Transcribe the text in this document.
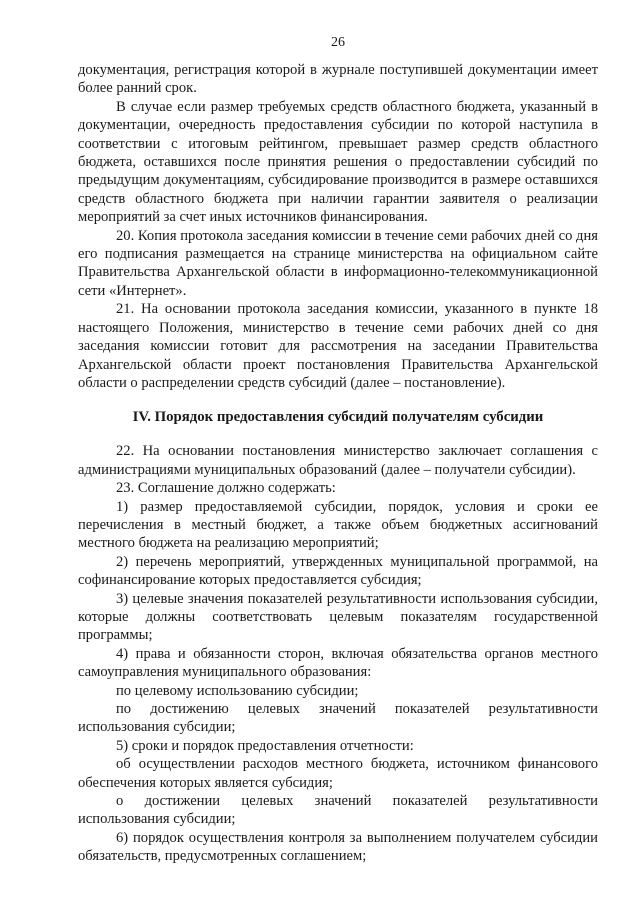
26

документация, регистрация которой в журнале поступившей документации имеет более ранний срок.

В случае если размер требуемых средств областного бюджета, указанный в документации, очередность предоставления субсидии по которой наступила в соответствии с итоговым рейтингом, превышает размер средств областного бюджета, оставшихся после принятия решения о предоставлении субсидий по предыдущим документациям, субсидирование производится в размере оставшихся средств областного бюджета при наличии гарантии заявителя о реализации мероприятий за счет иных источников финансирования.

20. Копия протокола заседания комиссии в течение семи рабочих дней со дня его подписания размещается на странице министерства на официальном сайте Правительства Архангельской области в информационно-телекоммуникационной сети «Интернет».

21. На основании протокола заседания комиссии, указанного в пункте 18 настоящего Положения, министерство в течение семи рабочих дней со дня заседания комиссии готовит для рассмотрения на заседании Правительства Архангельской области проект постановления Правительства Архангельской области о распределении средств субсидий (далее – постановление).

IV. Порядок предоставления субсидий получателям субсидии

22. На основании постановления министерство заключает соглашения с администрациями муниципальных образований (далее – получатели субсидии).

23. Соглашение должно содержать:

1) размер предоставляемой субсидии, порядок, условия и сроки ее перечисления в местный бюджет, а также объем бюджетных ассигнований местного бюджета на реализацию мероприятий;

2) перечень мероприятий, утвержденных муниципальной программой, на софинансирование которых предоставляется субсидия;

3) целевые значения показателей результативности использования субсидии, которые должны соответствовать целевым показателям государственной программы;

4) права и обязанности сторон, включая обязательства органов местного самоуправления муниципального образования:

по целевому использованию субсидии;

по достижению целевых значений показателей результативности использования субсидии;

5) сроки и порядок предоставления отчетности:

об осуществлении расходов местного бюджета, источником финансового обеспечения которых является субсидия;

о достижении целевых значений показателей результативности использования субсидии;

6) порядок осуществления контроля за выполнением получателем субсидии обязательств, предусмотренных соглашением;
